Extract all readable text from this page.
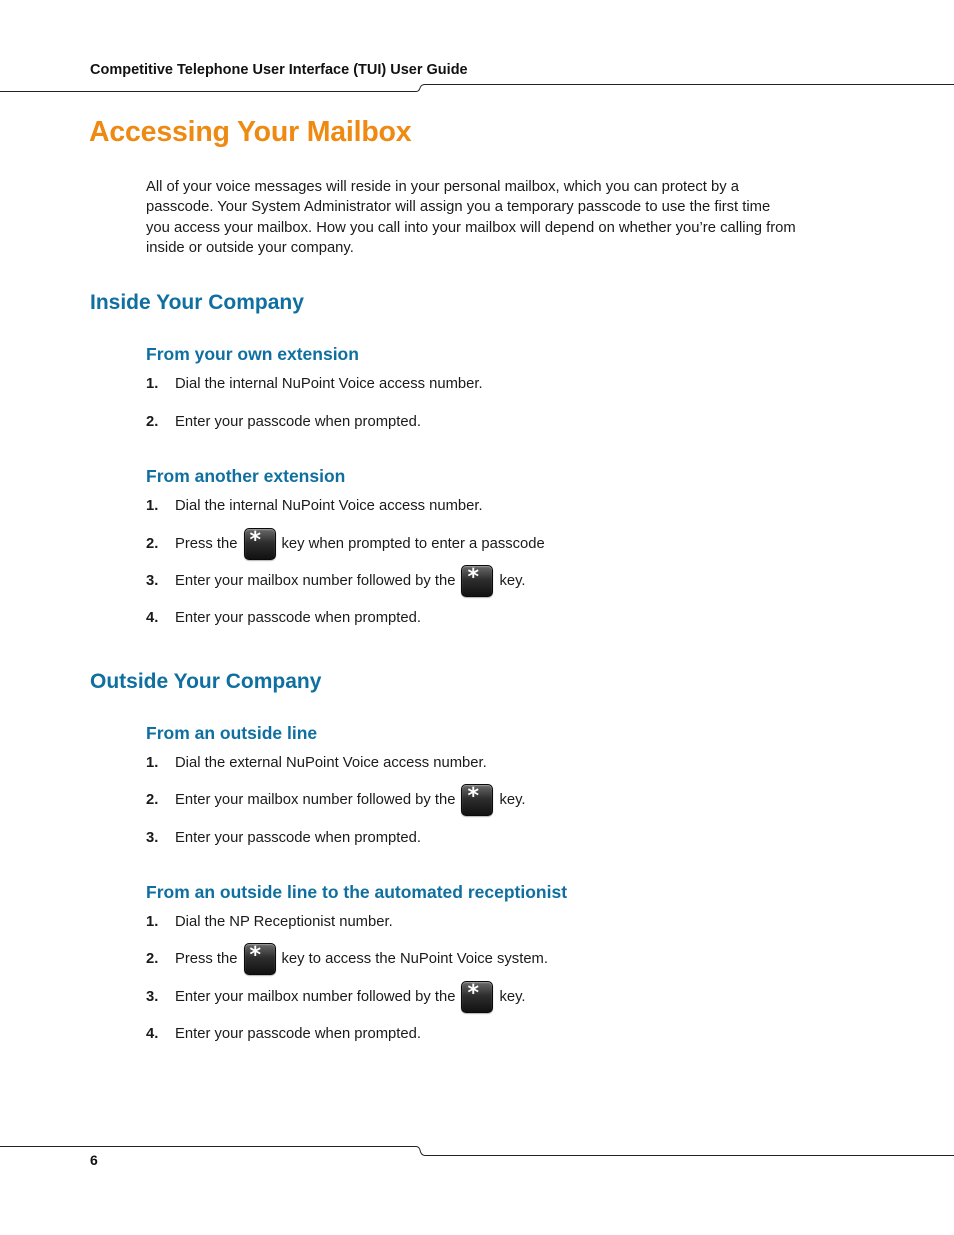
Competitive Telephone User Interface (TUI) User Guide
Accessing Your Mailbox
All of your voice messages will reside in your personal mailbox, which you can protect by a passcode. Your System Administrator will assign you a temporary passcode to use the first time you access your mailbox. How you call into your mailbox will depend on whether you’re calling from inside or outside your company.
Inside Your Company
From your own extension
1.	Dial the internal NuPoint Voice access number.
2.	Enter your passcode when prompted.
From another extension
1.	Dial the internal NuPoint Voice access number.
2.	Press the * key when prompted to enter a passcode
3.	Enter your mailbox number followed by the * key.
4.	Enter your passcode when prompted.
Outside Your Company
From an outside line
1.	Dial the external NuPoint Voice access number.
2.	Enter your mailbox number followed by the * key.
3.	Enter your passcode when prompted.
From an outside line to the automated receptionist
1.	Dial the NP Receptionist number.
2.	Press the * key to access the NuPoint Voice system.
3.	Enter your mailbox number followed by the * key.
4.	Enter your passcode when prompted.
6
